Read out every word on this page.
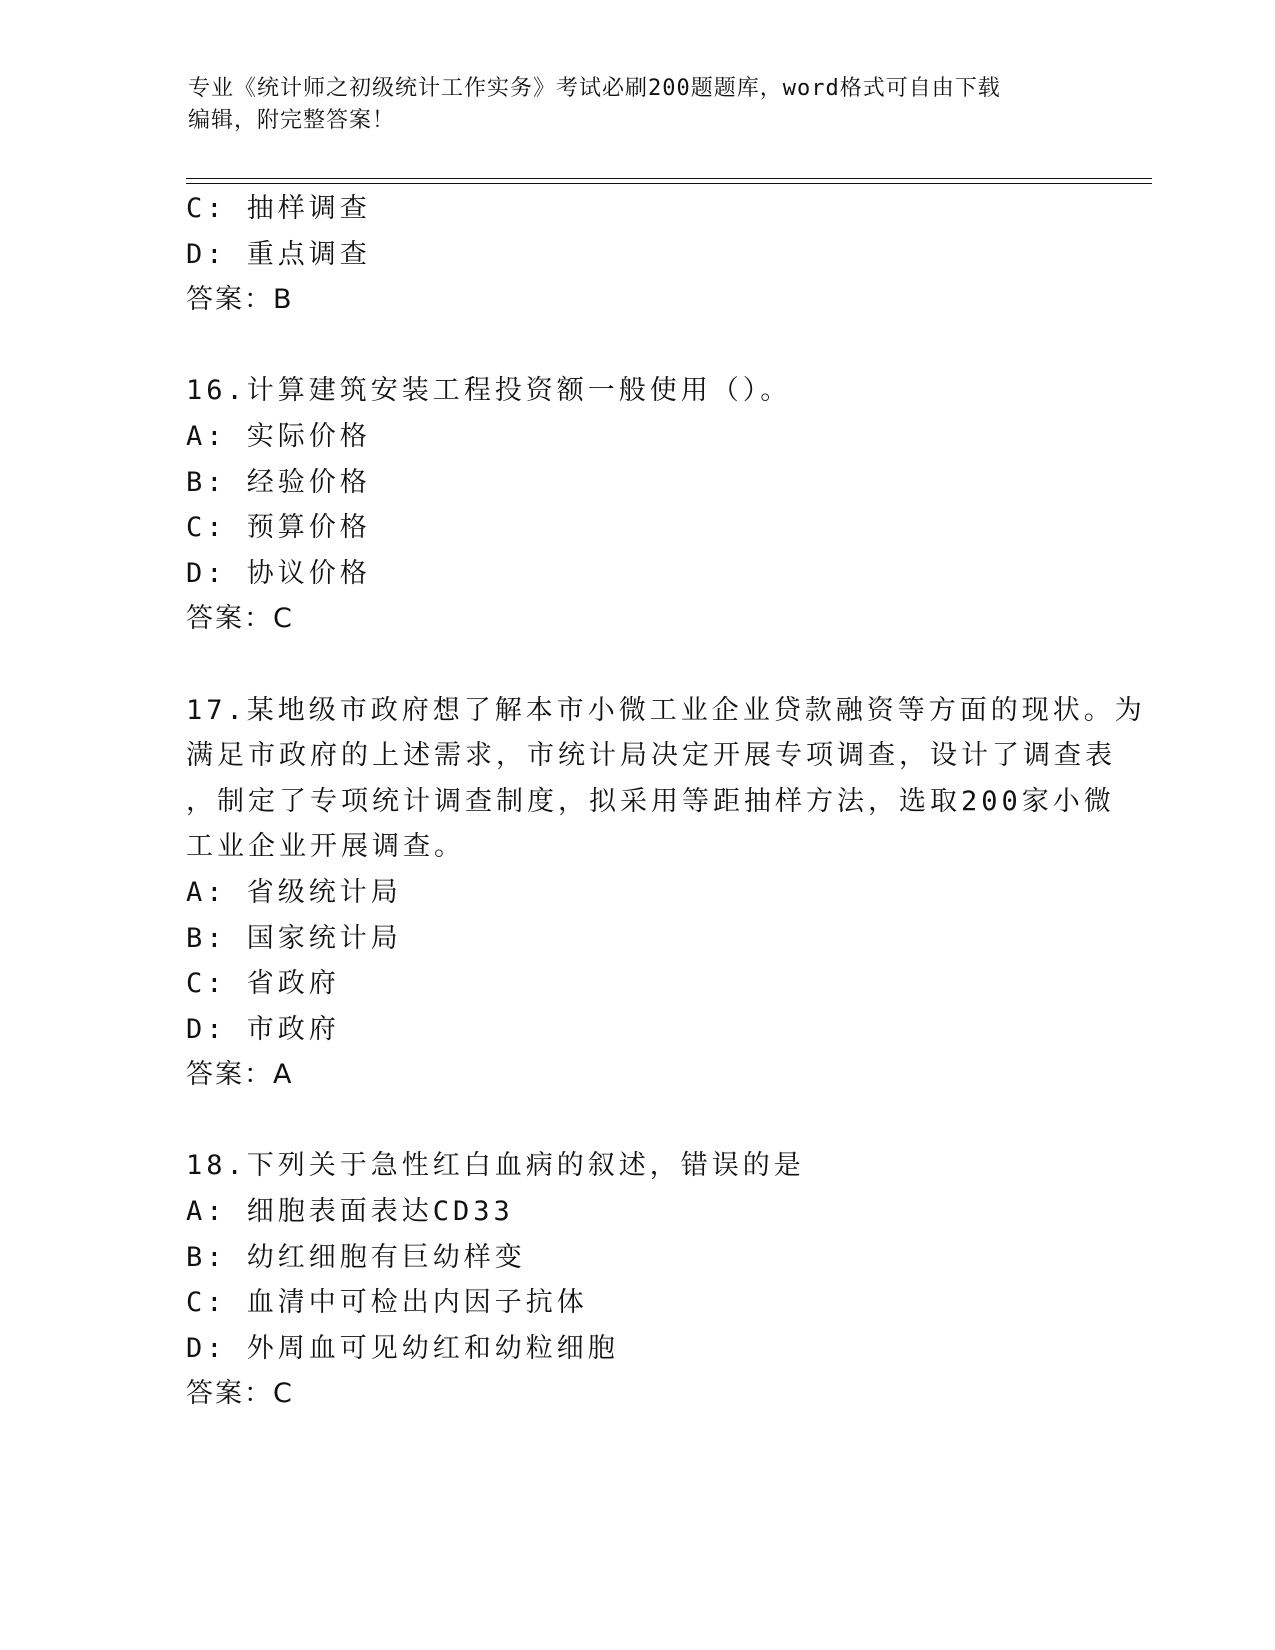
专业《统计师之初级统计工作实务》考试必刷200题题库，word格式可自由下载
编辑，附完整答案！
C: 抽样调查
D: 重点调查
答案：B
16.计算建筑安装工程投资额一般使用（）。
A: 实际价格
B: 经验价格
C: 预算价格
D: 协议价格
答案：C
17.某地级市政府想了解本市小微工业企业贷款融资等方面的现状。为
满足市政府的上述需求，市统计局决定开展专项调查，设计了调查表
，制定了专项统计调查制度，拟采用等距抽样方法，选取200家小微
工业企业开展调查。
A: 省级统计局
B: 国家统计局
C: 省政府
D: 市政府
答案：A
18.下列关于急性红白血病的叙述，错误的是
A: 细胞表面表达CD33
B: 幼红细胞有巨幼样变
C: 血清中可检出内因子抗体
D: 外周血可见幼红和幼粒细胞
答案：C
